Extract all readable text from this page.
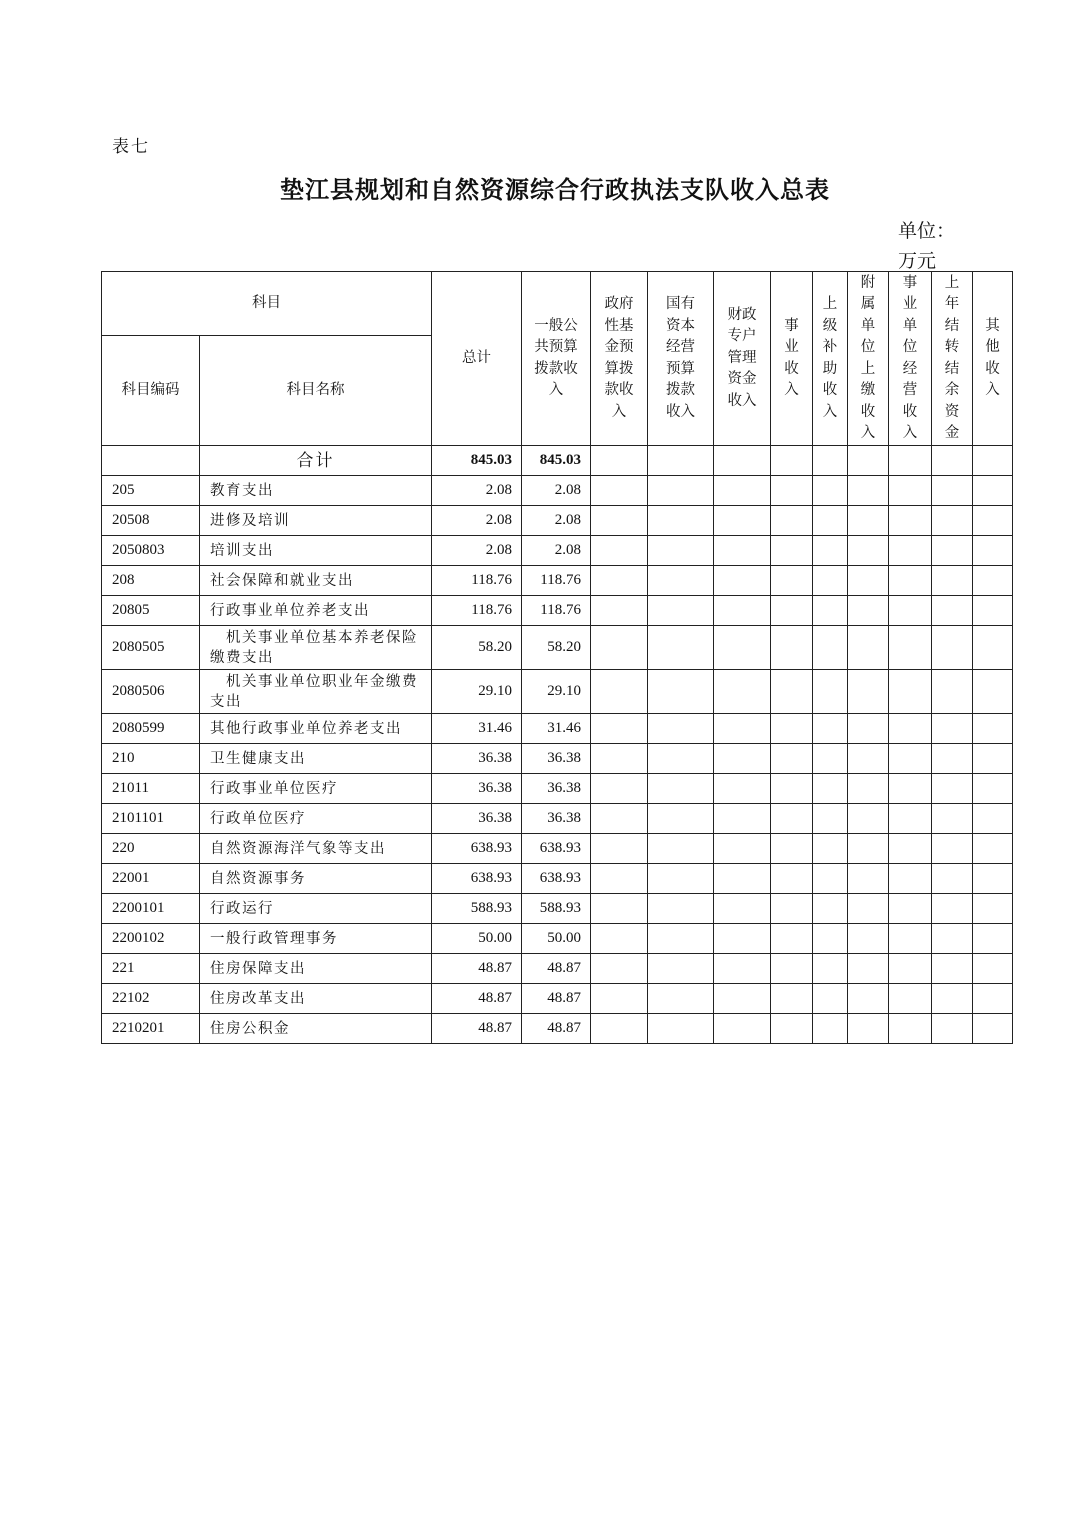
表七
垫江县规划和自然资源综合行政执法支队收入总表
单位：
万元
科目		总计	一般公共预算拨款收入	政府性基金预算拨款收入	国有资本经营预算拨款收入	财政专户管理资金收入	事业收入	上级补助收入	附属单位上缴收入	事业单位经营收入	上年结转结余资金	其他收入
科目编码	科目名称											
	合计	845.03	845.03									
205	教育支出	2.08	2.08									
20508	进修及培训	2.08	2.08									
2050803	培训支出	2.08	2.08									
208	社会保障和就业支出	118.76	118.76									
20805	行政事业单位养老支出	118.76	118.76									
2080505	机关事业单位基本养老保险缴费支出	58.20	58.20									
2080506	机关事业单位职业年金缴费支出	29.10	29.10									
2080599	其他行政事业单位养老支出	31.46	31.46									
210	卫生健康支出	36.38	36.38									
21011	行政事业单位医疗	36.38	36.38									
2101101	行政单位医疗	36.38	36.38									
220	自然资源海洋气象等支出	638.93	638.93									
22001	自然资源事务	638.93	638.93									
2200101	行政运行	588.93	588.93									
2200102	一般行政管理事务	50.00	50.00									
221	住房保障支出	48.87	48.87									
22102	住房改革支出	48.87	48.87									
2210201	住房公积金	48.87	48.87									
